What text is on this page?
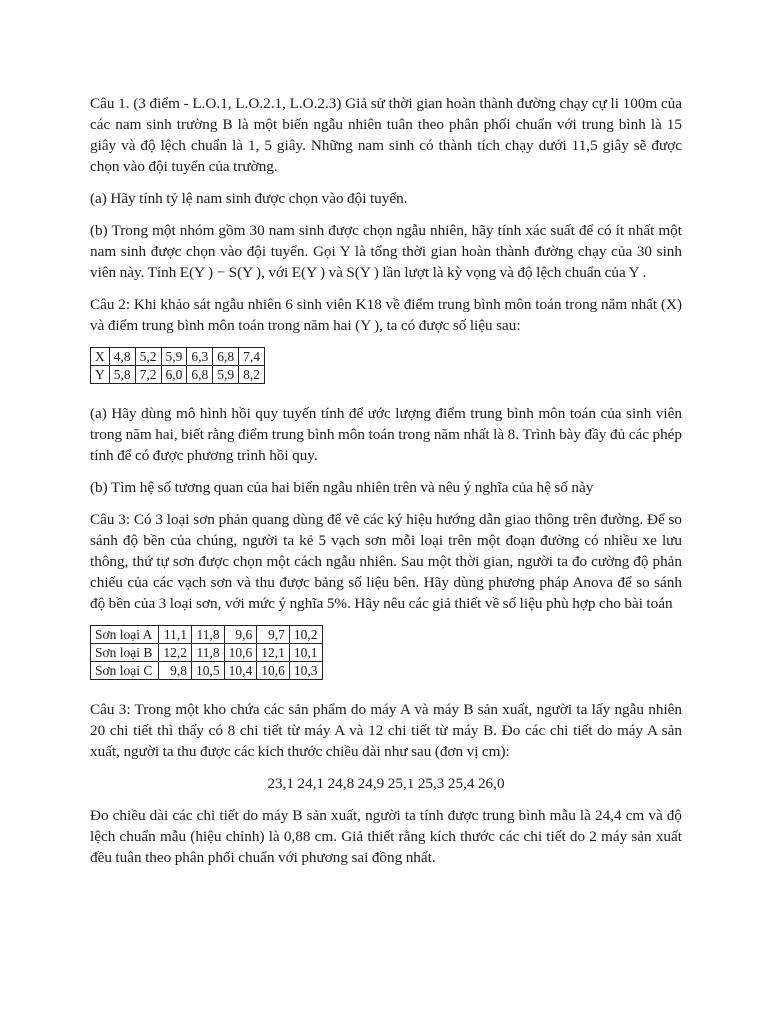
Câu 1. (3 điểm - L.O.1, L.O.2.1, L.O.2.3) Giả sử thời gian hoàn thành đường chạy cự li 100m của các nam sinh trường B là một biến ngẫu nhiên tuân theo phân phối chuẩn với trung bình là 15 giây và độ lệch chuẩn là 1, 5 giây. Những nam sinh có thành tích chạy dưới 11,5 giây sẽ được chọn vào đội tuyển của trường.

(a) Hãy tính tỷ lệ nam sinh được chọn vào đội tuyển.

(b) Trong một nhóm gồm 30 nam sinh được chọn ngẫu nhiên, hãy tính xác suất để có ít nhất một nam sinh được chọn vào đội tuyển. Gọi Y là tổng thời gian hoàn thành đường chạy của 30 sinh viên này. Tính E(Y ) − S(Y ), với E(Y ) và S(Y ) lần lượt là kỳ vọng và độ lệch chuẩn của Y .

Câu 2: Khi khảo sát ngẫu nhiên 6 sinh viên K18 về điểm trung bình môn toán trong năm nhất (X) và điểm trung bình môn toán trong năm hai (Y ), ta có được số liệu sau:

X	4,8	5,2	5,9	6,3	6,8	7,4
Y	5,8	7,2	6,0	6,8	5,9	8,2

(a) Hãy dùng mô hình hồi quy tuyến tính để ước lượng điểm trung bình môn toán của sinh viên trong năm hai, biết rằng điểm trung bình môn toán trong năm nhất là 8. Trình bày đầy đủ các phép tính để có được phương trình hồi quy.

(b) Tìm hệ số tương quan của hai biến ngẫu nhiên trên và nêu ý nghĩa của hệ số này

Câu 3: Có 3 loại sơn phản quang dùng để vẽ các ký hiệu hướng dẫn giao thông trên đường. Để so sánh độ bền của chúng, người ta kẻ 5 vạch sơn mỗi loại trên một đoạn đường có nhiều xe lưu thông, thứ tự sơn được chọn một cách ngẫu nhiên. Sau một thời gian, người ta đo cường độ phản chiếu của các vạch sơn và thu được bảng số liệu bên. Hãy dùng phương pháp Anova để so sánh độ bền của 3 loại sơn, với mức ý nghĩa 5%. Hãy nêu các giả thiết về số liệu phù hợp cho bài toán

Sơn loại A	11,1	11,8	9,6	9,7	10,2
Sơn loại B	12,2	11,8	10,6	12,1	10,1
Sơn loại C	9,8	10,5	10,4	10,6	10,3

Câu 3: Trong một kho chứa các sản phẩm do máy A và máy B sản xuất, người ta lấy ngẫu nhiên 20 chi tiết thì thấy có 8 chi tiết từ máy A và 12 chi tiết từ máy B. Đo các chi tiết do máy A sản xuất, người ta thu được các kích thước chiều dài như sau (đơn vị cm):

23,1 24,1 24,8 24,9 25,1 25,3 25,4 26,0

Đo chiều dài các chi tiết do máy B sản xuất, người ta tính được trung bình mẫu là 24,4 cm và độ lệch chuẩn mẫu (hiệu chỉnh) là 0,88 cm. Giả thiết rằng kích thước các chi tiết do 2 máy sản xuất đều tuân theo phân phối chuẩn với phương sai đồng nhất.
